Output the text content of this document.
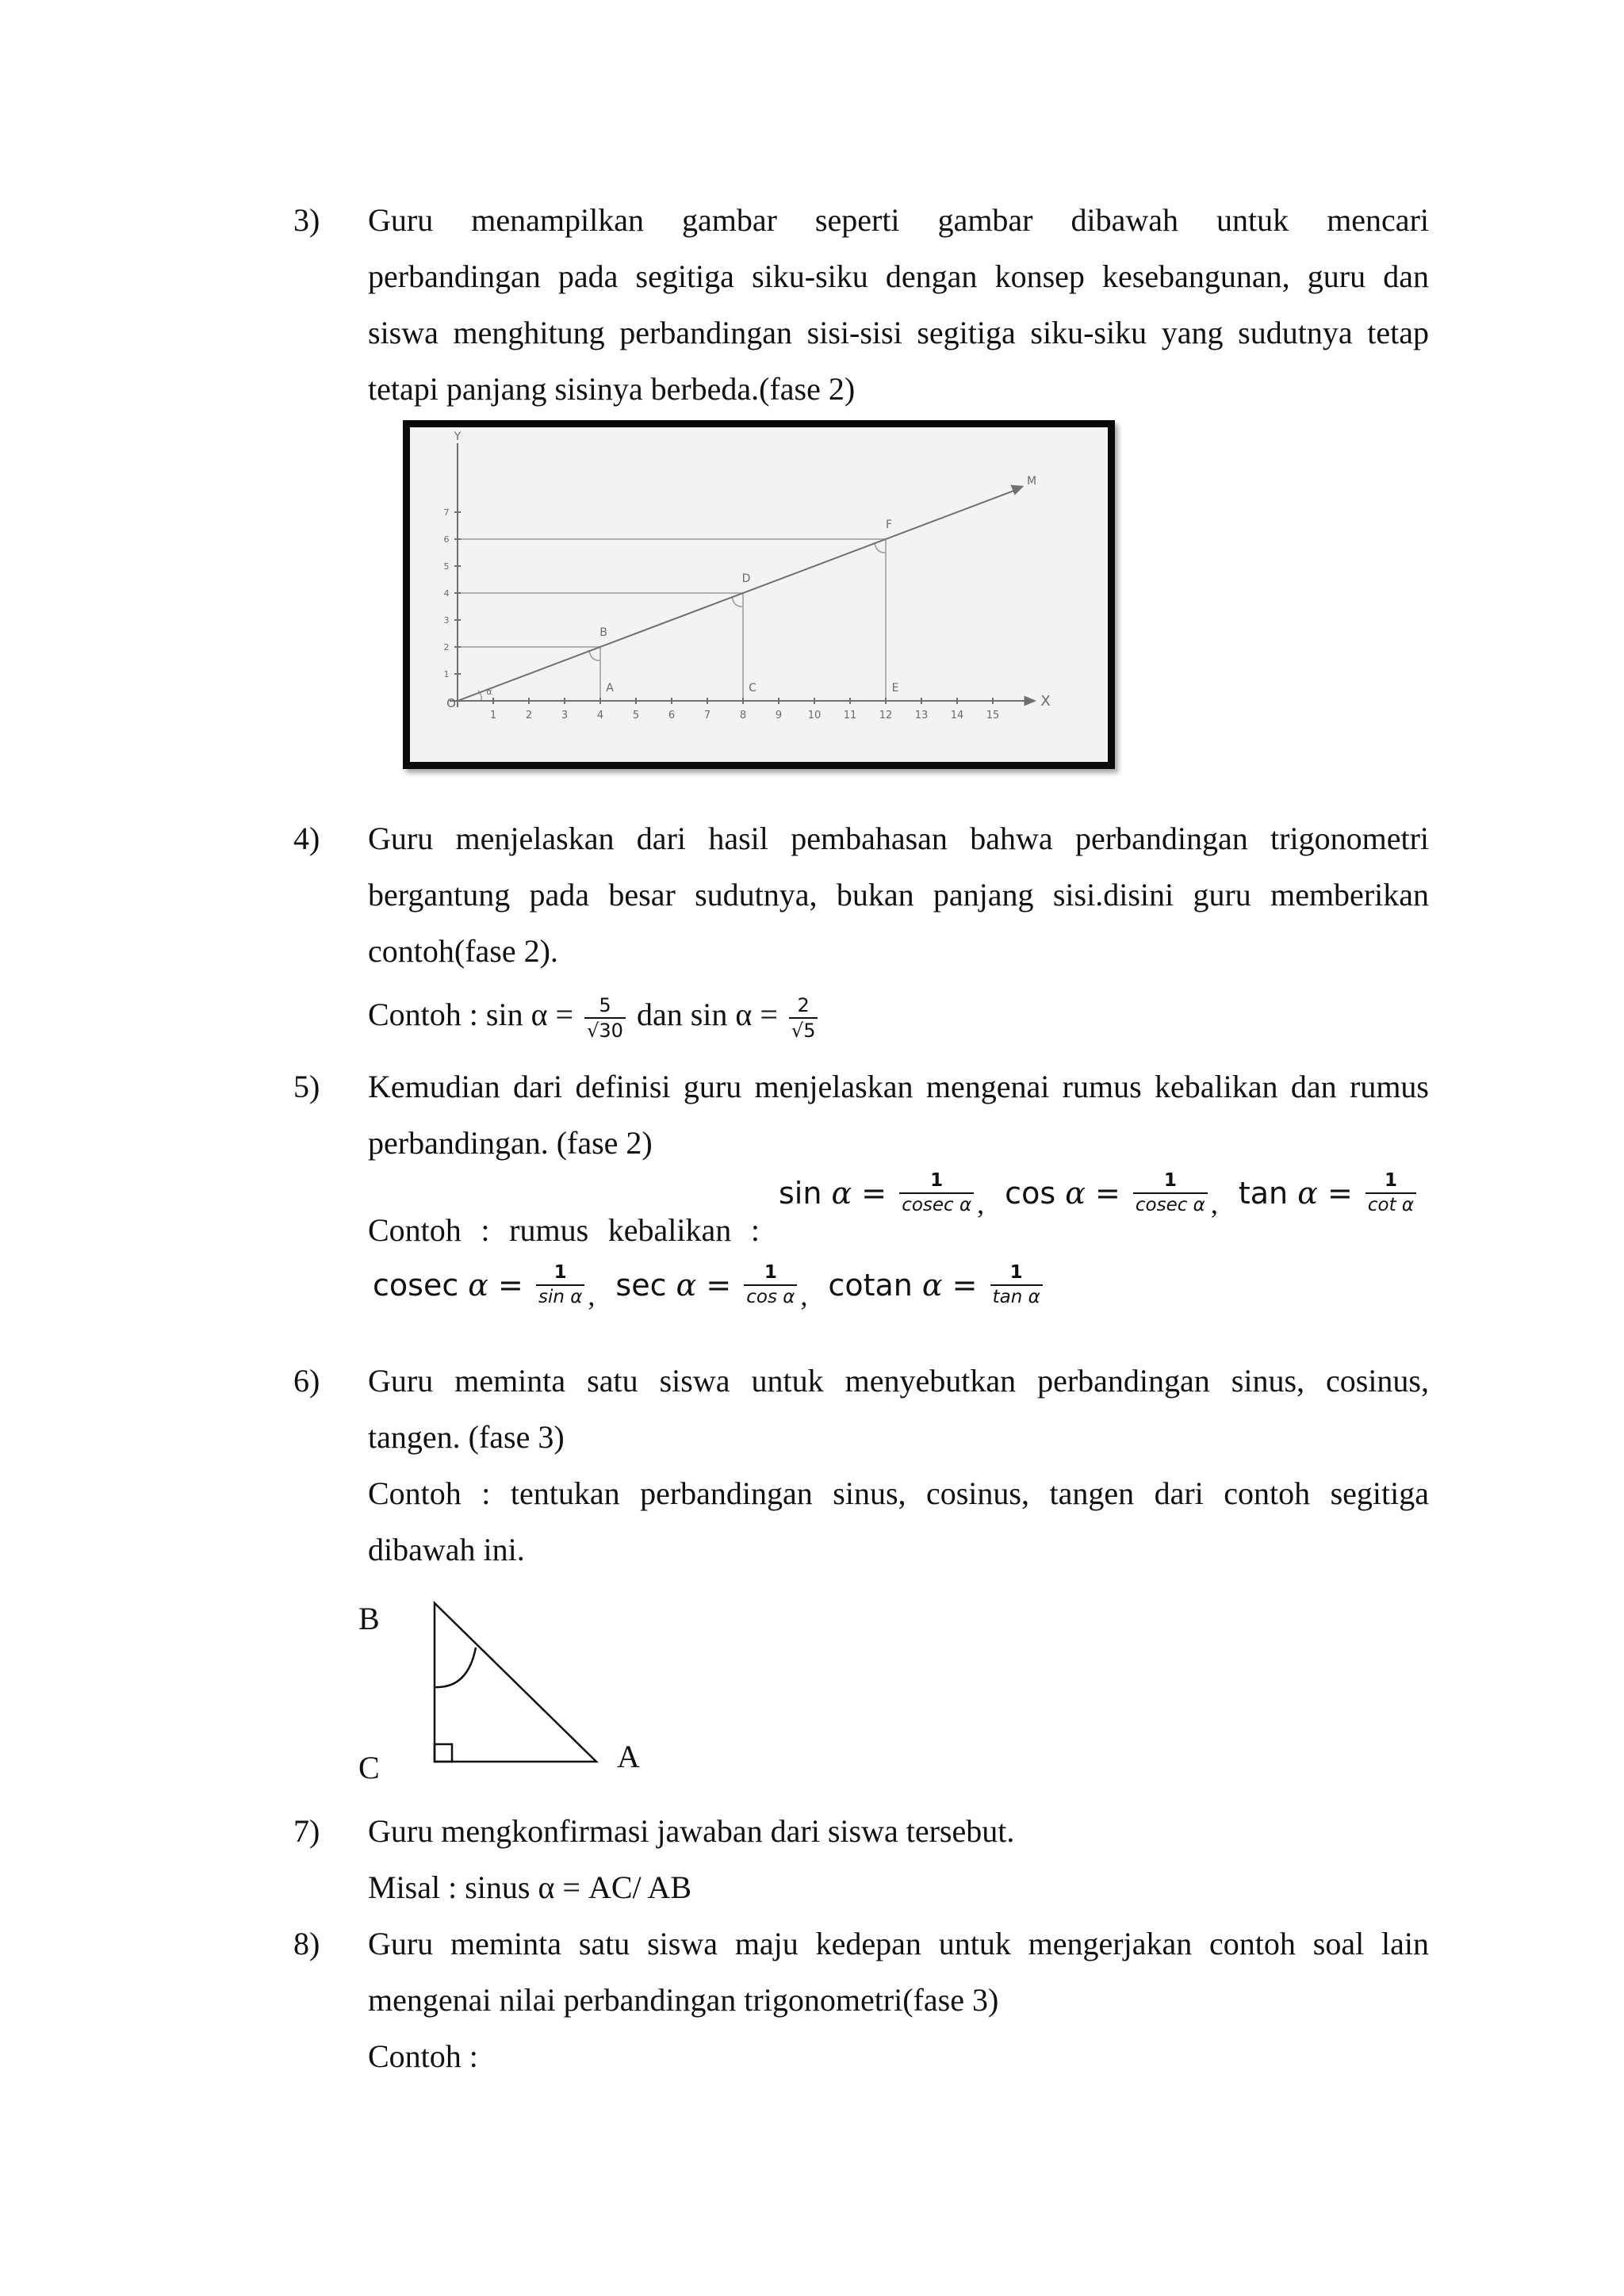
3) Guru menampilkan gambar seperti gambar dibawah untuk mencari
perbandingan pada segitiga siku-siku dengan konsep kesebangunan, guru dan
siswa menghitung perbandingan sisi-sisi segitiga siku-siku yang sudutnya tetap
tetapi panjang sisinya berbeda.(fase 2)
M
1	2	3	4	5	6	7	8	9	10 11 12 13 14 15
1
2
3
4
5
6
7
X
Y
O
B
D
F
A	C	E
α
4) Guru menjelaskan dari hasil pembahasan bahwa perbandingan trigonometri
bergantung pada besar sudutnya, bukan panjang sisi.disini guru memberikan
contoh(fase 2).
Contoh : $\sin \alpha = \frac{5}{√30}$ dan $\sin \alpha = \frac{2}{√5}$
5) Kemudian dari definisi guru menjelaskan mengenai rumus kebalikan dan rumus
perbandingan. (fase 2)
Contoh : rumus kebalikan :
$\sin \alpha = \frac{1}{\text{cosec α}}$ , $\cos \alpha = \frac{1}{\text{cosec α}}$ , $\tan \alpha = \frac{1}{\text{cot α}}$
cosec $\alpha = \frac{1}{\text{sin α}}$ , $\sec \alpha = \frac{1}{\text{cos α}}$ , cotan $\alpha = \frac{1}{\text{tan α}}$
6) Guru meminta satu siswa untuk menyebutkan perbandingan sinus, cosinus,
tangen. (fase 3)
Contoh : tentukan perbandingan sinus, cosinus, tangen dari contoh segitiga
dibawah ini.
B
C	A
7) Guru mengkonfirmasi jawaban dari siswa tersebut.
Misal : sinus α = AC/ AB
8) Guru meminta satu siswa maju kedepan untuk mengerjakan contoh soal lain
mengenai nilai perbandingan trigonometri(fase 3)
Contoh :
